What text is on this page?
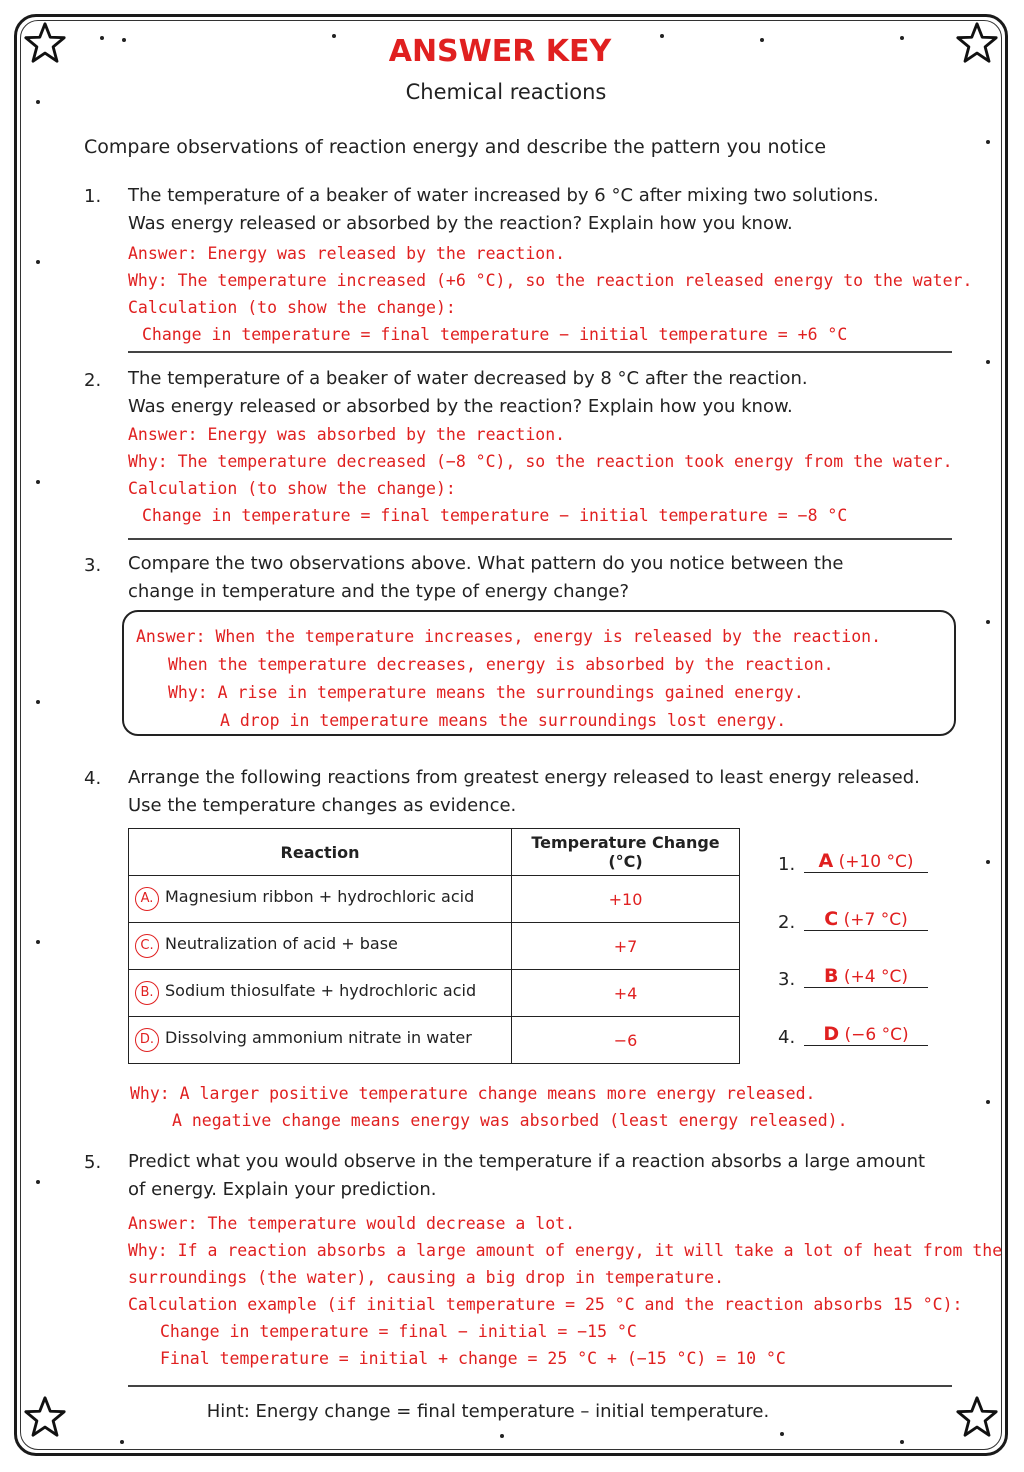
ANSWER KEY
Chemical reactions
Compare observations of reaction energy and describe the pattern you notice
1. The temperature of a beaker of water increased by 6 °C after mixing two solutions.
Was energy released or absorbed by the reaction? Explain how you know.
Answer: Energy was released by the reaction.
Why: The temperature increased (+6 °C), so the reaction released energy to the water.
Calculation (to show the change):
Change in temperature = final temperature − initial temperature = +6 °C
2. The temperature of a beaker of water decreased by 8 °C after the reaction.
Was energy released or absorbed by the reaction? Explain how you know.
Answer: Energy was absorbed by the reaction.
Why: The temperature decreased (−8 °C), so the reaction took energy from the water.
Calculation (to show the change):
Change in temperature = final temperature − initial temperature = −8 °C
3. Compare the two observations above. What pattern do you notice between the
change in temperature and the type of energy change?
Answer: When the temperature increases, energy is released by the reaction.
When the temperature decreases, energy is absorbed by the reaction.
Why: A rise in temperature means the surroundings gained energy.
A drop in temperature means the surroundings lost energy.
4. Arrange the following reactions from greatest energy released to least energy released.
Use the temperature changes as evidence.
Reaction	Temperature Change (°C)
A. Magnesium ribbon + hydrochloric acid	+10
C. Neutralization of acid + base	+7
B. Sodium thiosulfate + hydrochloric acid	+4
D. Dissolving ammonium nitrate in water	−6
1.	A (+10 °C)
2.	C (+7 °C)
3.	B (+4 °C)
4.	D (−6 °C)
Why: A larger positive temperature change means more energy released.
A negative change means energy was absorbed (least energy released).
5. Predict what you would observe in the temperature if a reaction absorbs a large amount
of energy. Explain your prediction.
Answer: The temperature would decrease a lot.
Why: If a reaction absorbs a large amount of energy, it will take a lot of heat from the
surroundings (the water), causing a big drop in temperature.
Calculation example (if initial temperature = 25 °C and the reaction absorbs 15 °C):
Change in temperature = final − initial = −15 °C
Final temperature = initial + change = 25 °C + (−15 °C) = 10 °C
Hint: Energy change = final temperature – initial temperature.
